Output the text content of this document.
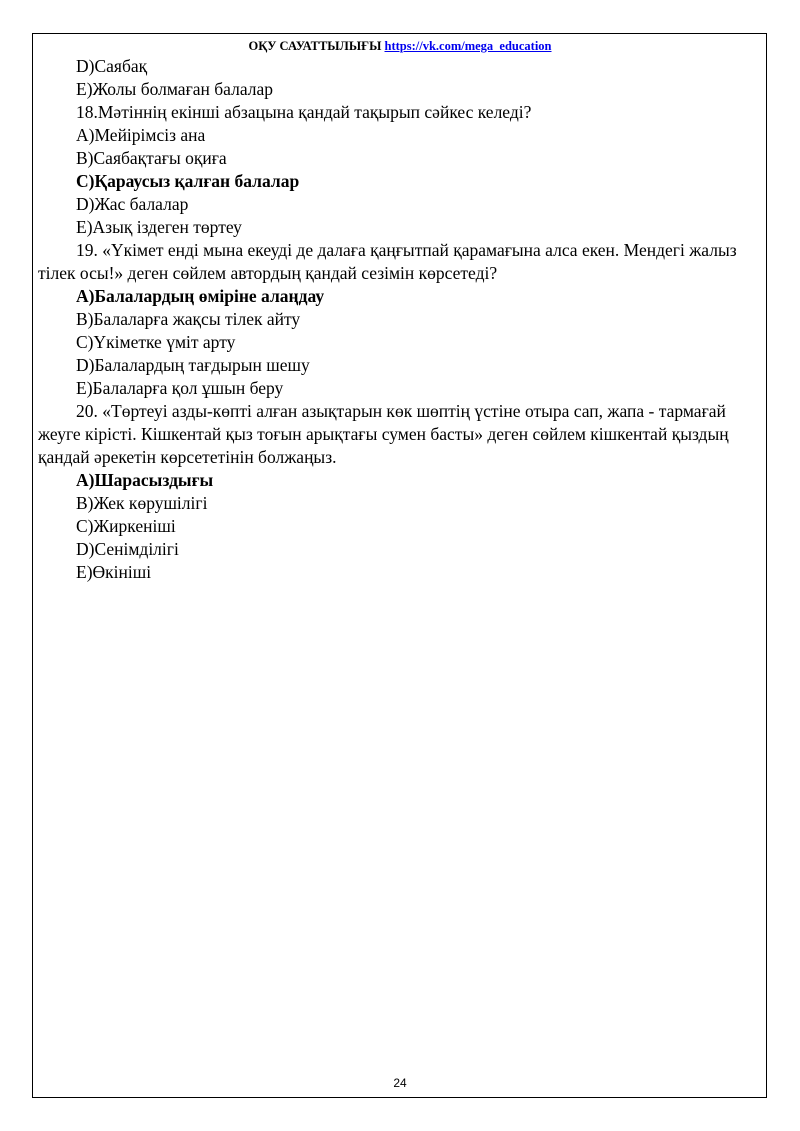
ОҚУ САУАТТЫЛЫҒЫ https://vk.com/mega_education
D)Саябақ
E)Жолы болмаған балалар
18.Мәтіннің екінші абзацына қандай тақырып сәйкес келеді?
A)Мейірімсіз ана
B)Саябақтағы оқиға
C)Қараусыз қалған балалар
D)Жас балалар
E)Азық іздеген төртеу
19. «Үкімет енді мына екеуді де далаға қаңғытпай қарамағына алса екен. Мендегі жалыз тілек осы!» деген сөйлем автордың қандай сезімін көрсетеді?
A)Балалардың өміріне алаңдау
B)Балаларға жақсы тілек айту
C)Үкіметке үміт арту
D)Балалардың тағдырын шешу
E)Балаларға қол ұшын беру
20. «Төртеуі азды-көпті алған азықтарын көк шөптің үстіне отыра сап, жапа - тармағай жеуге кірісті. Кішкентай қыз тоғын арықтағы сумен басты» деген сөйлем кішкентай қыздың қандай әрекетін көрсететінін болжаңыз.
A)Шарасыздығы
B)Жек көрушілігі
C)Жиркеніші
D)Сенімділігі
E)Өкініші
24
